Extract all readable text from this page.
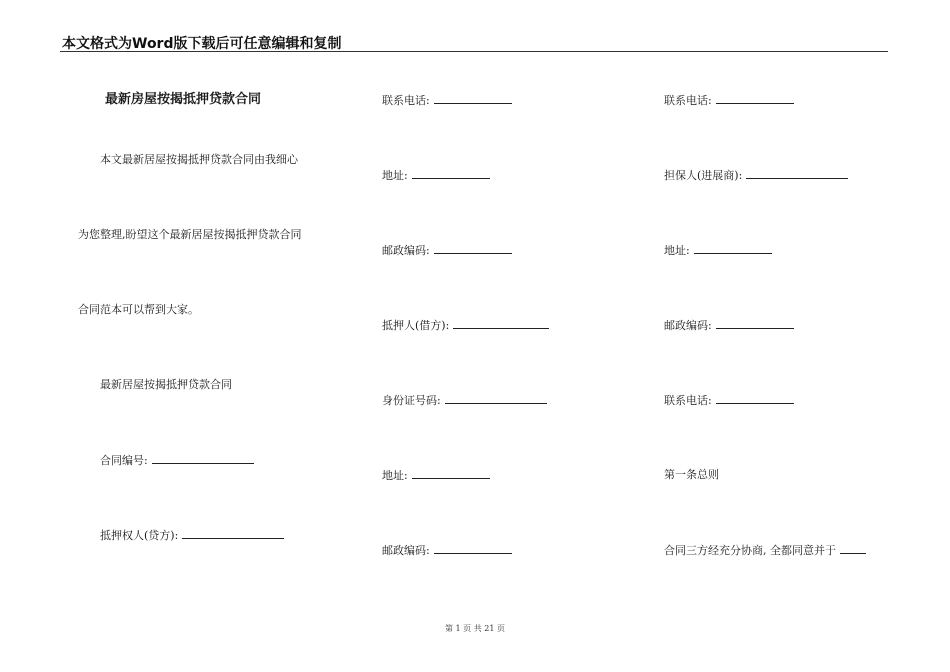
本文格式为Word版下载后可任意编辑和复制
最新房屋按揭抵押贷款合同
本文最新居屋按揭抵押贷款合同由我细心
为您整理,盼望这个最新居屋按揭抵押贷款合同
合同范本可以帮到大家。
最新居屋按揭抵押贷款合同
合同编号:
抵押权人(贷方):
联系电话:
地址:
邮政编码:
抵押人(借方):
身份证号码:
地址:
邮政编码:
联系电话:
担保人(进展商):
地址:
邮政编码:
联系电话:
第一条总则
合同三方经充分协商, 全都同意并于
第 1 页 共 21 页
